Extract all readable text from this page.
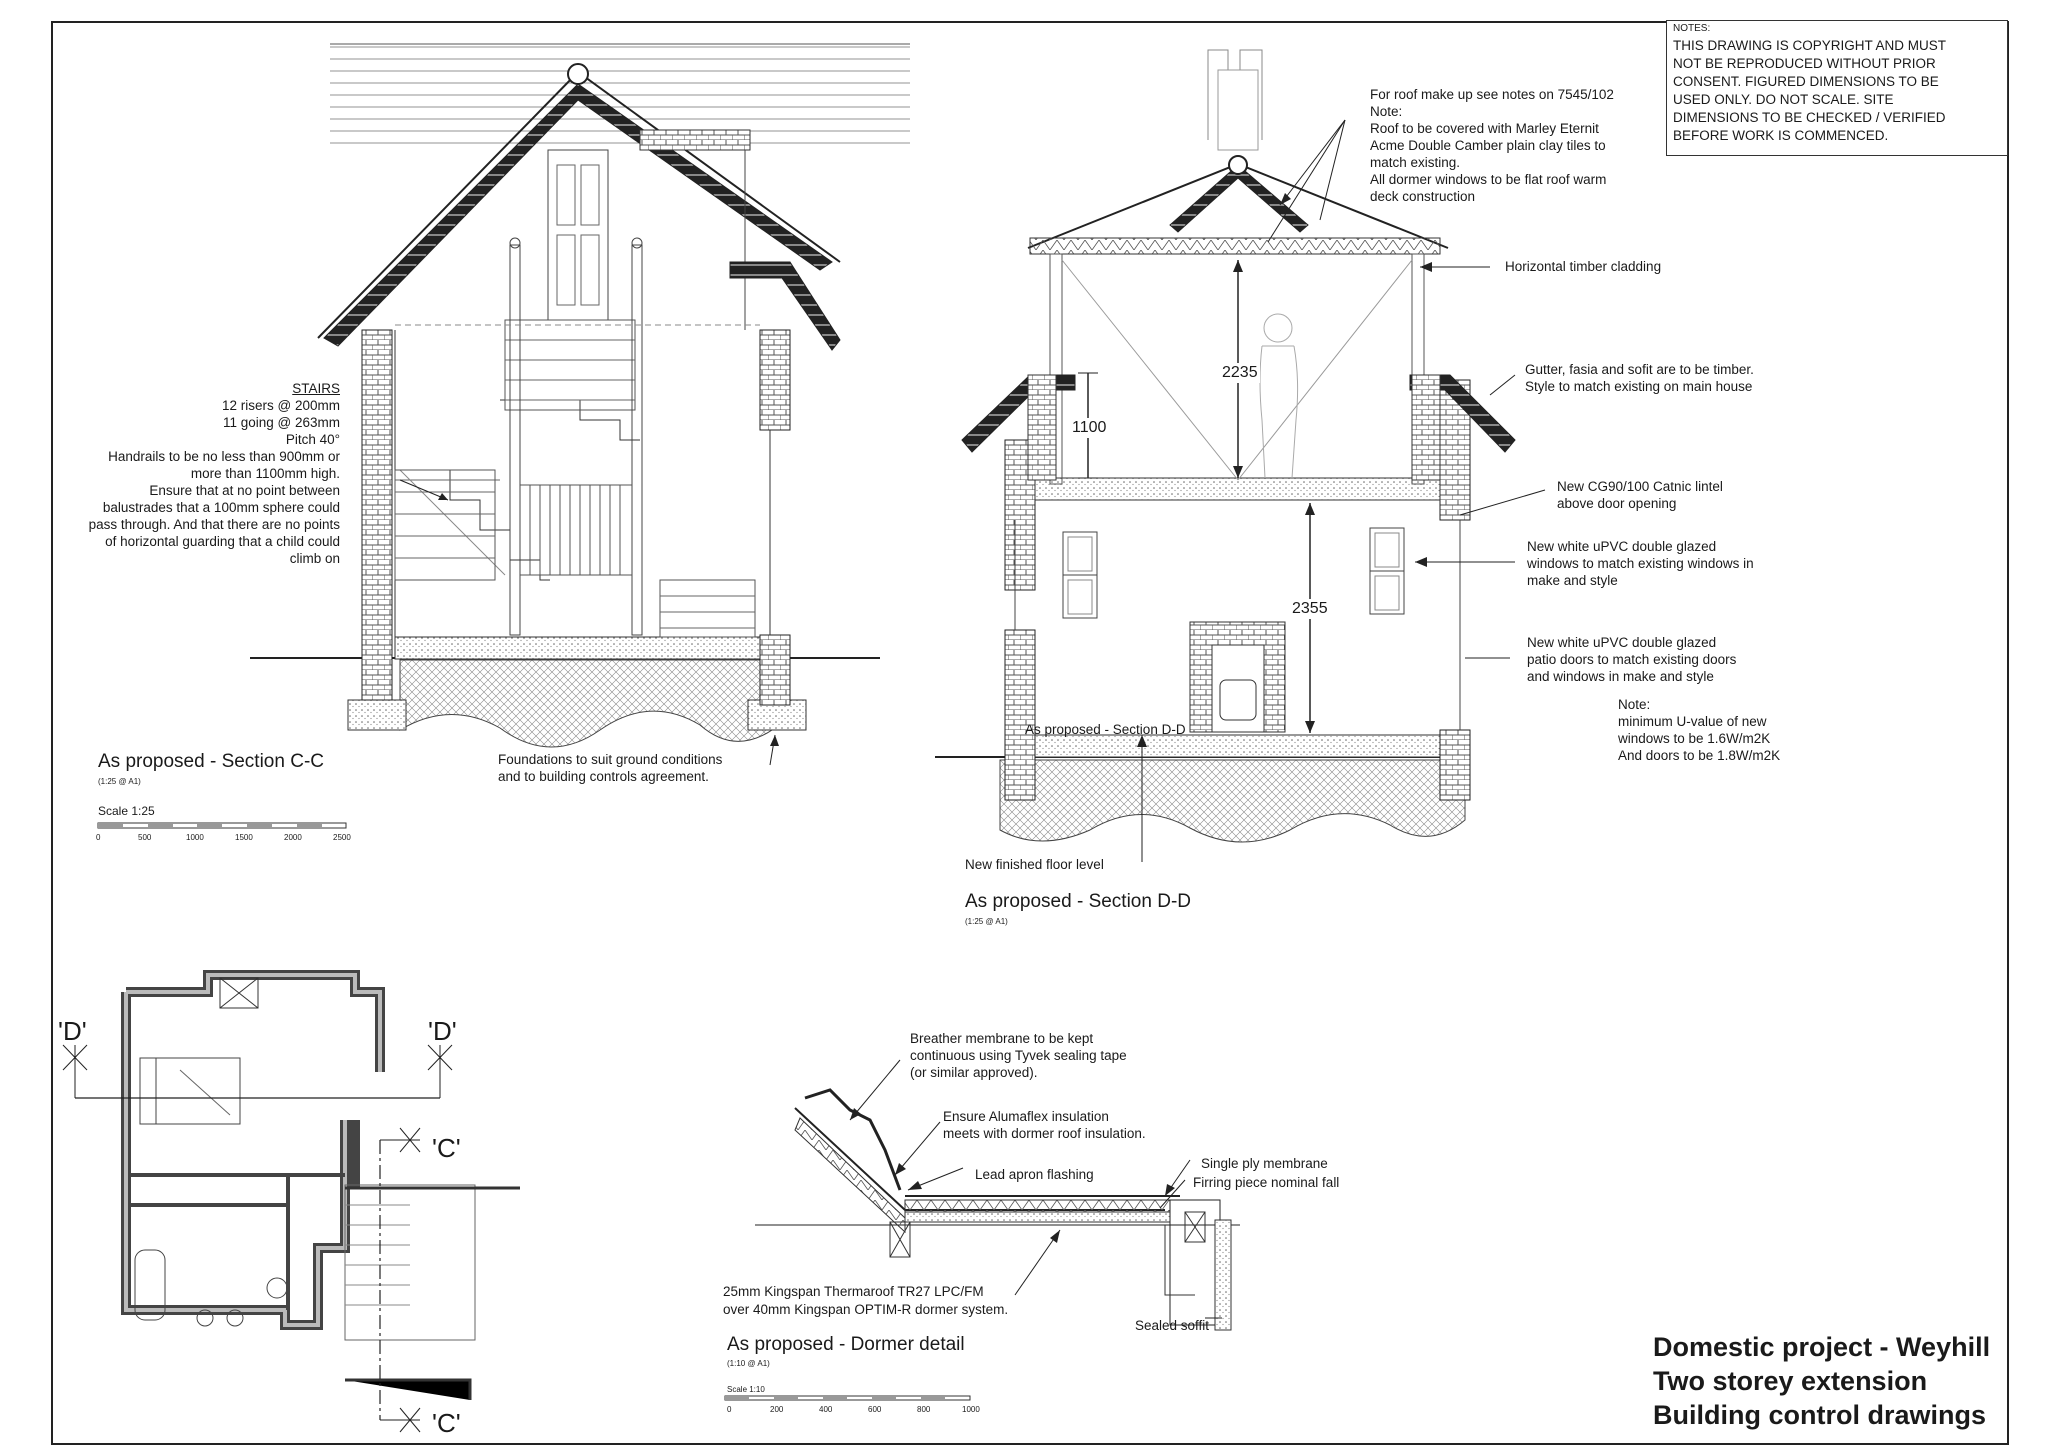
NOTES:
THIS DRAWING IS COPYRIGHT AND MUST
NOT BE REPRODUCED WITHOUT PRIOR
CONSENT. FIGURED DIMENSIONS TO BE
USED ONLY. DO NOT SCALE. SITE
DIMENSIONS TO BE CHECKED / VERIFIED
BEFORE WORK IS COMMENCED.
STAIRS
12 risers @ 200mm
11 going @ 263mm
Pitch 40°
Handrails to be no less than 900mm or
more than 1100mm high.
Ensure that at no point between
balustrades that a 100mm sphere could
pass through. And that there are no points
of horizontal guarding that a child could
climb on
Foundations to suit ground conditions
and to building controls agreement.
As proposed - Section C-C
(1:25 @ A1)
Scale 1:25
0	500	1000	1500	2000	2500
For roof make up see notes on 7545/102
Note:
Roof to be covered with Marley Eternit
Acme Double Camber plain clay tiles to
match existing.
All dormer windows to be flat roof warm
deck construction
Horizontal timber cladding
Gutter, fasia and sofit are to be timber.
Style to match existing on main house
New CG90/100 Catnic lintel
above door opening
New white uPVC double glazed
windows to match existing windows in
make and style
New white uPVC double glazed
patio doors to match existing doors
and windows in make and style
Note:
minimum U-value of new
windows to be 1.6W/m2K
And doors to be 1.8W/m2K
2235
1100
2355
As proposed - Section D-D
New finished floor level
As proposed - Section D-D
(1:25 @ A1)
'D'	'D'
'C'
'C'
Breather membrane to be kept
continuous using Tyvek sealing tape
(or similar approved).
Ensure Alumaflex insulation
meets with dormer roof insulation.
Lead apron flashing
Single ply membrane
Firring piece nominal fall
25mm Kingspan Thermaroof TR27 LPC/FM
over 40mm Kingspan OPTIM-R dormer system.
Sealed soffit
As proposed - Dormer detail
(1:10 @ A1)
Scale 1:10
0	200	400	600	800	1000
Domestic project - Weyhill
Two storey extension
Building control drawings
